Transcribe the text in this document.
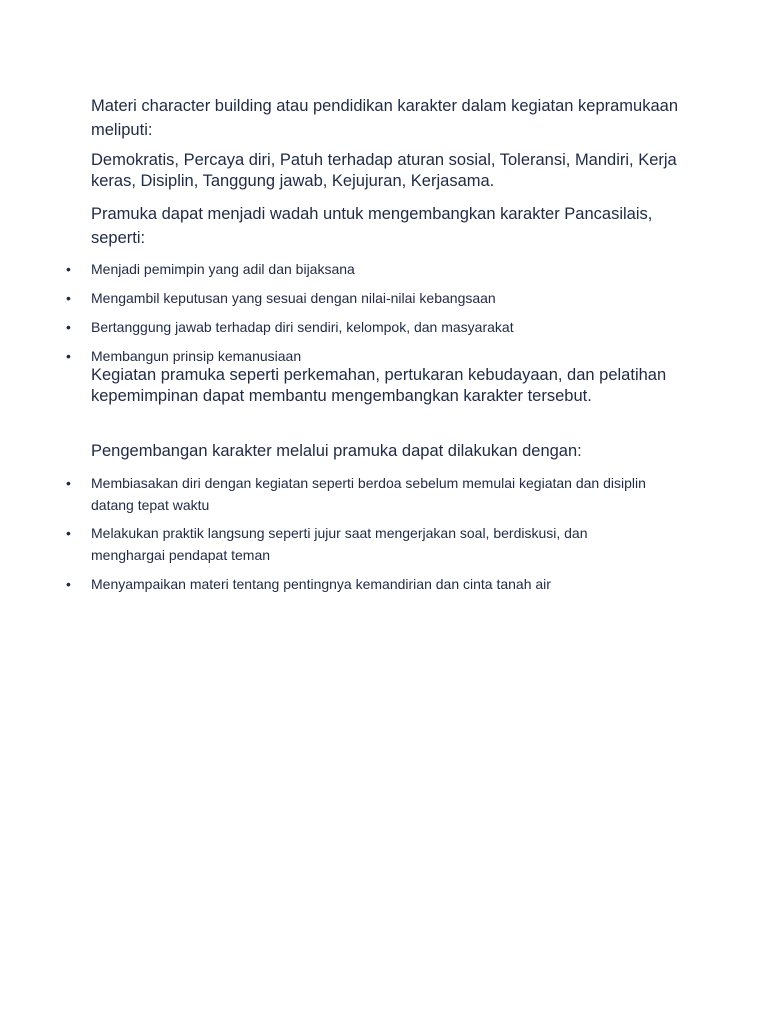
Materi character building atau pendidikan karakter dalam kegiatan kepramukaan meliputi:

Demokratis, Percaya diri, Patuh terhadap aturan sosial, Toleransi, Mandiri, Kerja keras, Disiplin, Tanggung jawab, Kejujuran, Kerjasama.

Pramuka dapat menjadi wadah untuk mengembangkan karakter Pancasilais, seperti:

• Menjadi pemimpin yang adil dan bijaksana
• Mengambil keputusan yang sesuai dengan nilai-nilai kebangsaan
• Bertanggung jawab terhadap diri sendiri, kelompok, dan masyarakat
• Membangun prinsip kemanusiaan

Kegiatan pramuka seperti perkemahan, pertukaran kebudayaan, dan pelatihan kepemimpinan dapat membantu mengembangkan karakter tersebut.

Pengembangan karakter melalui pramuka dapat dilakukan dengan:

• Membiasakan diri dengan kegiatan seperti berdoa sebelum memulai kegiatan dan disiplin datang tepat waktu
• Melakukan praktik langsung seperti jujur saat mengerjakan soal, berdiskusi, dan menghargai pendapat teman
• Menyampaikan materi tentang pentingnya kemandirian dan cinta tanah air
